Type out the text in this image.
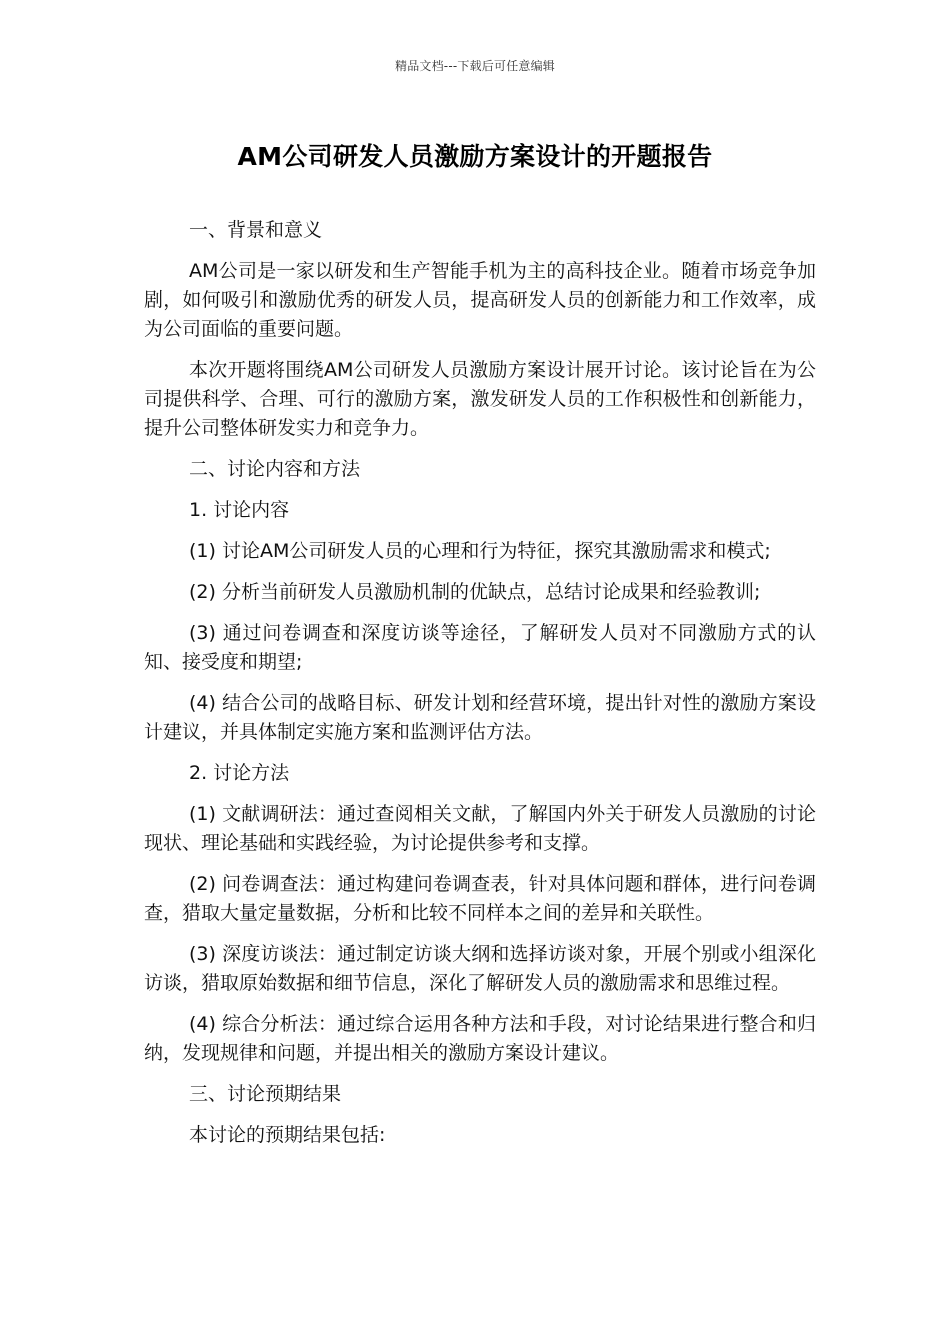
精品文档---下载后可任意编辑
AM公司研发人员激励方案设计的开题报告

一、背景和意义

AM公司是一家以研发和生产智能手机为主的高科技企业。随着市场竞争加剧，如何吸引和激励优秀的研发人员，提高研发人员的创新能力和工作效率，成为公司面临的重要问题。

本次开题将围绕AM公司研发人员激励方案设计展开讨论。该讨论旨在为公司提供科学、合理、可行的激励方案，激发研发人员的工作积极性和创新能力，提升公司整体研发实力和竞争力。

二、讨论内容和方法

1. 讨论内容

(1) 讨论AM公司研发人员的心理和行为特征，探究其激励需求和模式;

(2) 分析当前研发人员激励机制的优缺点，总结讨论成果和经验教训;

(3) 通过问卷调查和深度访谈等途径，了解研发人员对不同激励方式的认知、接受度和期望;

(4) 结合公司的战略目标、研发计划和经营环境，提出针对性的激励方案设计建议，并具体制定实施方案和监测评估方法。

2. 讨论方法

(1) 文献调研法：通过查阅相关文献，了解国内外关于研发人员激励的讨论现状、理论基础和实践经验，为讨论提供参考和支撑。

(2) 问卷调查法：通过构建问卷调查表，针对具体问题和群体，进行问卷调查，猎取大量定量数据，分析和比较不同样本之间的差异和关联性。

(3) 深度访谈法：通过制定访谈大纲和选择访谈对象，开展个别或小组深化访谈，猎取原始数据和细节信息，深化了解研发人员的激励需求和思维过程。

(4) 综合分析法：通过综合运用各种方法和手段，对讨论结果进行整合和归纳，发现规律和问题，并提出相关的激励方案设计建议。

三、讨论预期结果

本讨论的预期结果包括:
